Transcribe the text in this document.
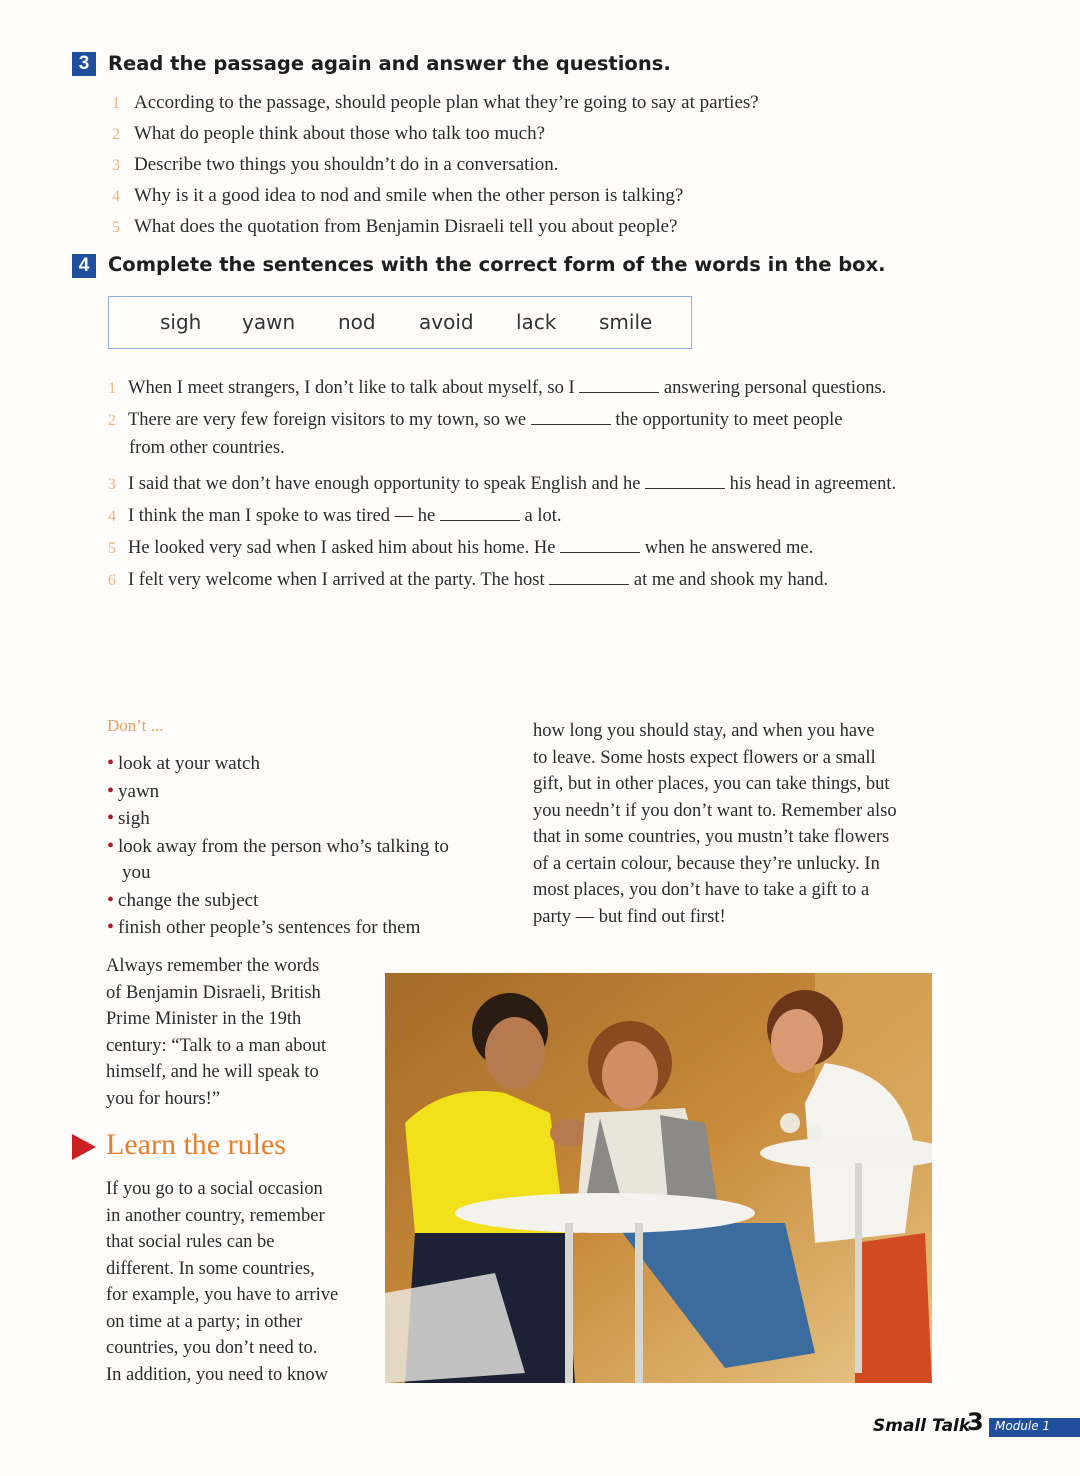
3 Read the passage again and answer the questions.
1 According to the passage, should people plan what they’re going to say at parties?
2 What do people think about those who talk too much?
3 Describe two things you shouldn’t do in a conversation.
4 Why is it a good idea to nod and smile when the other person is talking?
5 What does the quotation from Benjamin Disraeli tell you about people?
4 Complete the sentences with the correct form of the words in the box.
sigh yawn nod avoid lack smile
1 When I meet strangers, I don’t like to talk about myself, so I	answering personal questions.
2 There are very few foreign visitors to my town, so we	the opportunity to meet people
from other countries.
3 I said that we don’t have enough opportunity to speak English and he	his head in agreement.
4 I think the man I spoke to was tired — he	a lot.
5 He looked very sad when I asked him about his home. He	when he answered me.
6 I felt very welcome when I arrived at the party. The host	at me and shook my hand.
Don’t ...
• look at your watch
• yawn
• sigh
• look away from the person who’s talking to
you
• change the subject
• finish other people’s sentences for them
how long you should stay, and when you have
to leave. Some hosts expect flowers or a small
gift, but in other places, you can take things, but
you needn’t if you don’t want to. Remember also
that in some countries, you mustn’t take flowers
of a certain colour, because they’re unlucky. In
most places, you don’t have to take a gift to a
party — but find out first!
Always remember the words
of Benjamin Disraeli, British
Prime Minister in the 19th
century: “Talk to a man about
himself, and he will speak to
you for hours!”
Learn the rules
If you go to a social occasion
in another country, remember
that social rules can be
different. In some countries,
for example, you have to arrive
on time at a party; in other
countries, you don’t need to.
In addition, you need to know
Small Talk
3 Module 1
